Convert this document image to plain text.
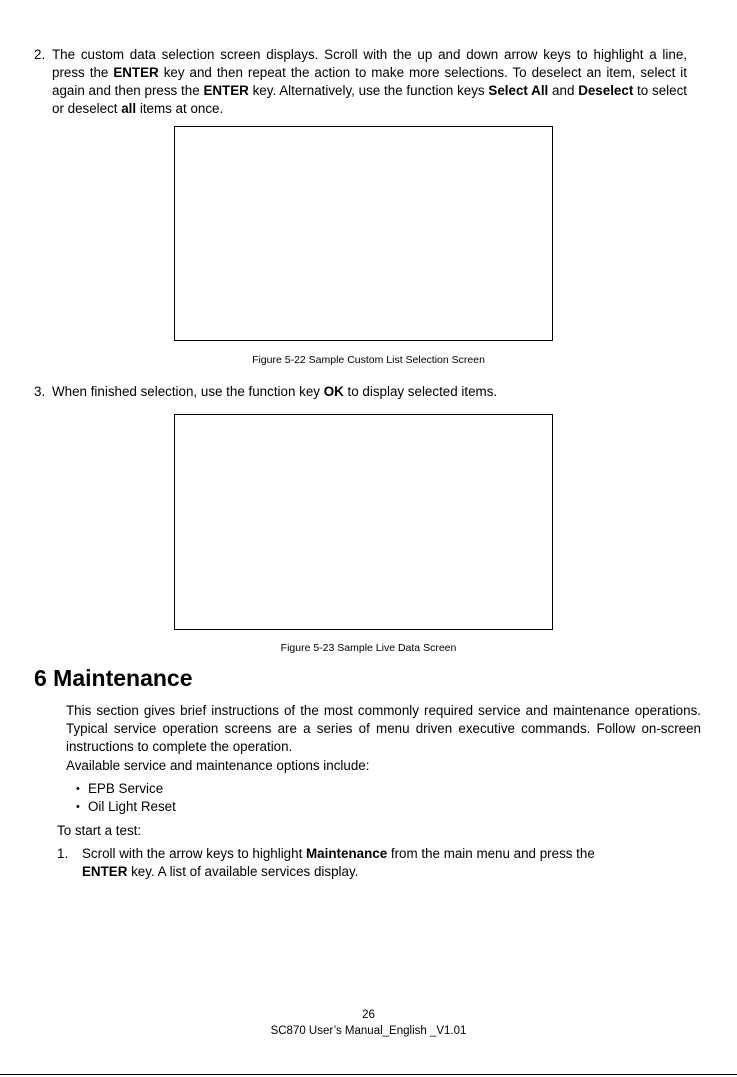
2. The custom data selection screen displays. Scroll with the up and down arrow keys to highlight a line, press the ENTER key and then repeat the action to make more selections. To deselect an item, select it again and then press the ENTER key. Alternatively, use the function keys Select All and Deselect to select or deselect all items at once.
Figure 5-22 Sample Custom List Selection Screen
3. When finished selection, use the function key OK to display selected items.
Figure 5-23 Sample Live Data Screen
6 Maintenance

This section gives brief instructions of the most commonly required service and maintenance operations. Typical service operation screens are a series of menu driven executive commands. Follow on-screen instructions to complete the operation.

Available service and maintenance options include:

• EPB Service
• Oil Light Reset

To start a test:

1. Scroll with the arrow keys to highlight Maintenance from the main menu and press the
ENTER key. A list of available services display.
26
SC870 User’s Manual_English _V1.01
